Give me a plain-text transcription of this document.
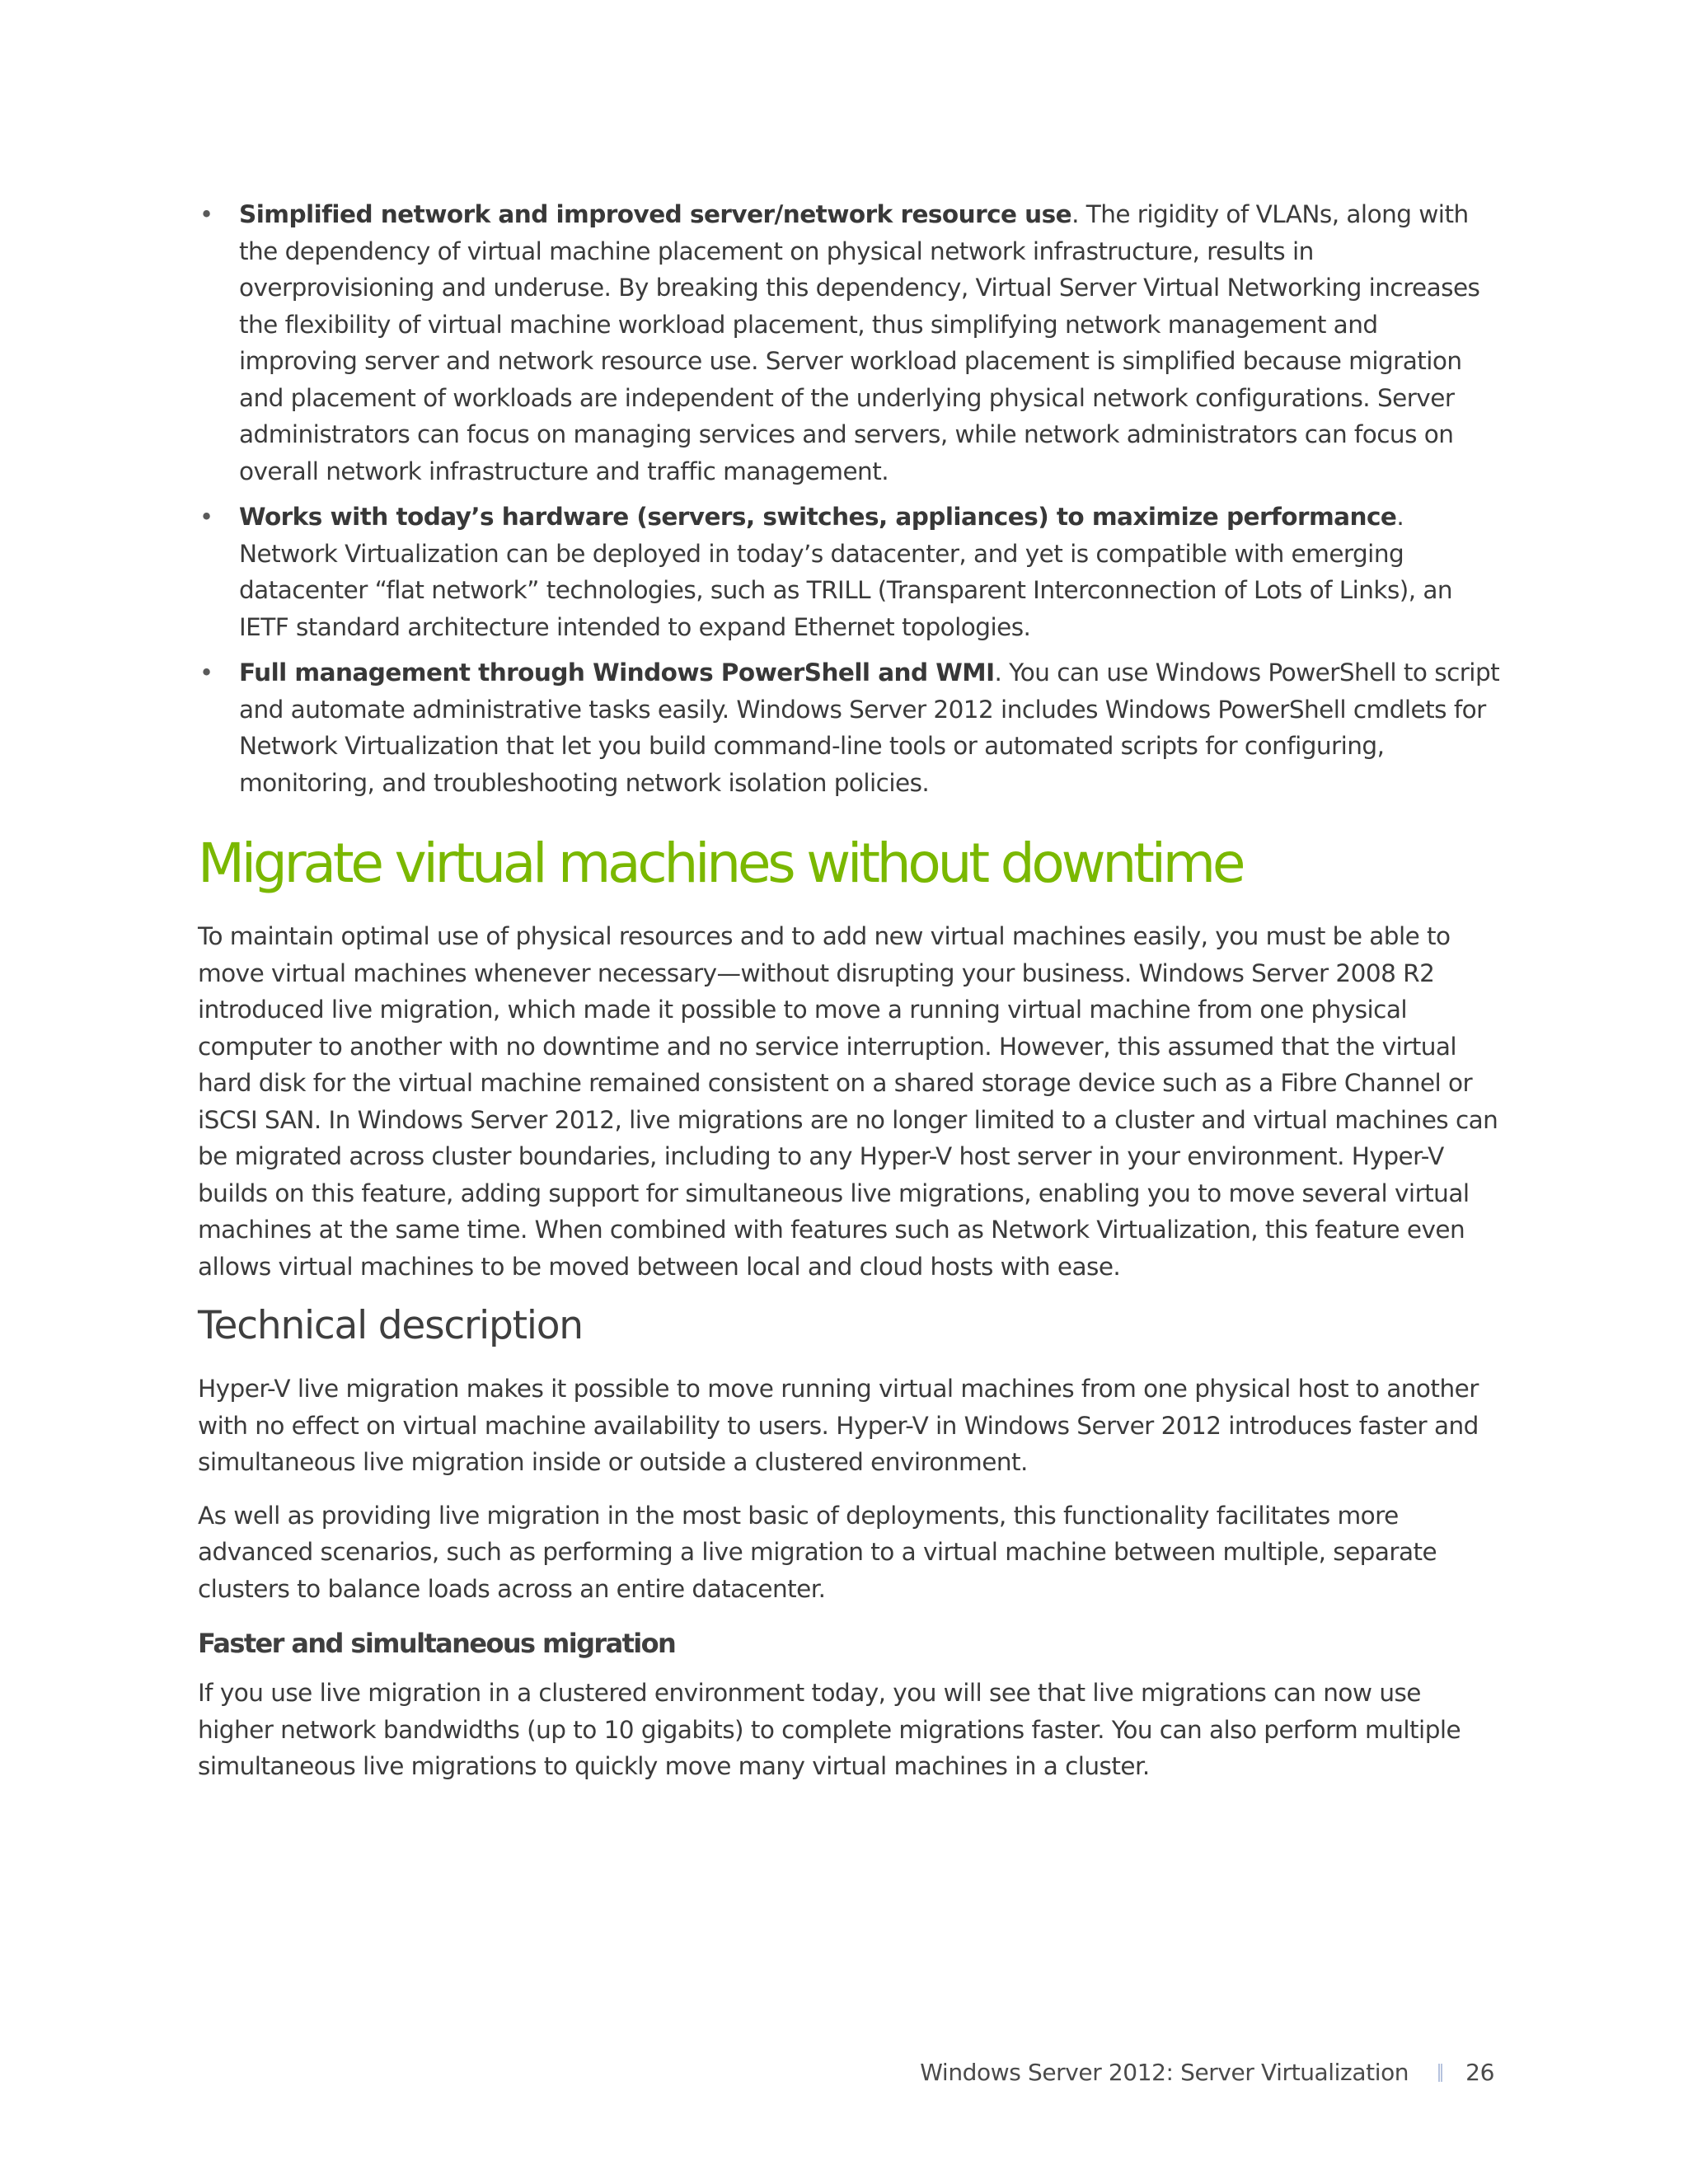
• Simplified network and improved server/network resource use. The rigidity of VLANs, along with the dependency of virtual machine placement on physical network infrastructure, results in overprovisioning and underuse. By breaking this dependency, Virtual Server Virtual Networking increases the flexibility of virtual machine workload placement, thus simplifying network management and improving server and network resource use. Server workload placement is simplified because migration and placement of workloads are independent of the underlying physical network configurations. Server administrators can focus on managing services and servers, while network administrators can focus on overall network infrastructure and traffic management.
• Works with today’s hardware (servers, switches, appliances) to maximize performance. Network Virtualization can be deployed in today’s datacenter, and yet is compatible with emerging datacenter “flat network” technologies, such as TRILL (Transparent Interconnection of Lots of Links), an IETF standard architecture intended to expand Ethernet topologies.
• Full management through Windows PowerShell and WMI. You can use Windows PowerShell to script and automate administrative tasks easily. Windows Server 2012 includes Windows PowerShell cmdlets for Network Virtualization that let you build command-line tools or automated scripts for configuring, monitoring, and troubleshooting network isolation policies.
Migrate virtual machines without downtime

To maintain optimal use of physical resources and to add new virtual machines easily, you must be able to move virtual machines whenever necessary—without disrupting your business. Windows Server 2008 R2 introduced live migration, which made it possible to move a running virtual machine from one physical computer to another with no downtime and no service interruption. However, this assumed that the virtual hard disk for the virtual machine remained consistent on a shared storage device such as a Fibre Channel or iSCSI SAN. In Windows Server 2012, live migrations are no longer limited to a cluster and virtual machines can be migrated across cluster boundaries, including to any Hyper-V host server in your environment. Hyper-V builds on this feature, adding support for simultaneous live migrations, enabling you to move several virtual machines at the same time. When combined with features such as Network Virtualization, this feature even allows virtual machines to be moved between local and cloud hosts with ease.

Technical description

Hyper-V live migration makes it possible to move running virtual machines from one physical host to another with no effect on virtual machine availability to users. Hyper-V in Windows Server 2012 introduces faster and simultaneous live migration inside or outside a clustered environment.

As well as providing live migration in the most basic of deployments, this functionality facilitates more advanced scenarios, such as performing a live migration to a virtual machine between multiple, separate clusters to balance loads across an entire datacenter.

Faster and simultaneous migration

If you use live migration in a clustered environment today, you will see that live migrations can now use higher network bandwidths (up to 10 gigabits) to complete migrations faster. You can also perform multiple simultaneous live migrations to quickly move many virtual machines in a cluster.

Windows Server 2012: Server Virtualization 26
